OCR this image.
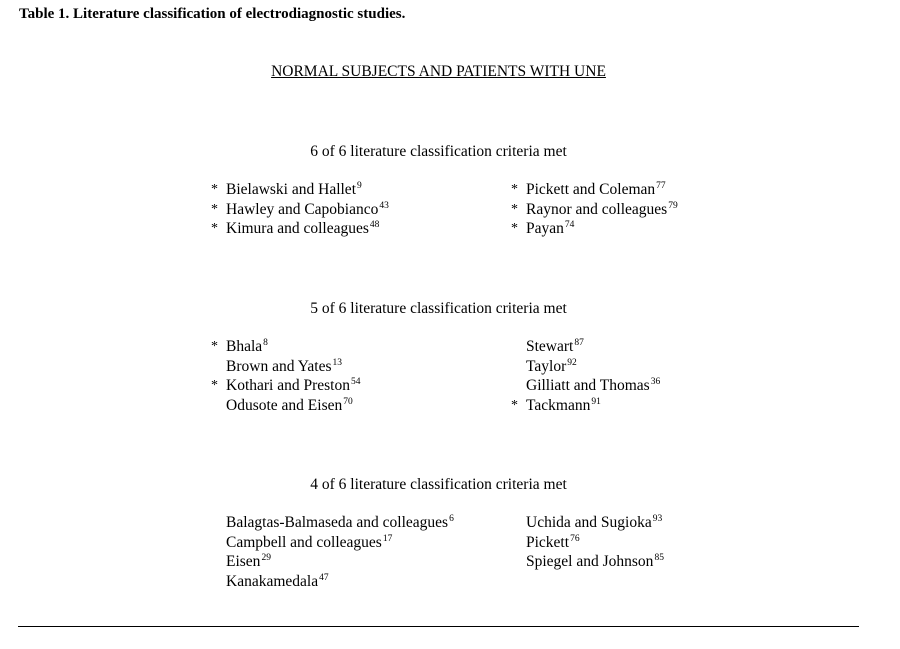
Table 1. Literature classification of electrodiagnostic studies.
NORMAL SUBJECTS AND PATIENTS WITH UNE
6 of 6 literature classification criteria met
* Bielawski and Hallet$^9$
* Hawley and Capobianco$^{43}$
* Kimura and colleagues$^{48}$
* Pickett and Coleman$^{77}$
* Raynor and colleagues$^{79}$
* Payan$^{74}$
5 of 6 literature classification criteria met
* Bhala$^8$
Brown and Yates$^{13}$
* Kothari and Preston$^{54}$
Odusote and Eisen$^{70}$
Stewart$^{87}$
Taylor$^{92}$
Gilliatt and Thomas$^{36}$
* Tackmann$^{91}$
4 of 6 literature classification criteria met
Balagtas-Balmaseda and colleagues$^6$
Campbell and colleagues$^{17}$
Eisen$^{29}$
Kanakamedala$^{47}$
Uchida and Sugioka$^{93}$
Pickett$^{76}$
Spiegel and Johnson$^{85}$
